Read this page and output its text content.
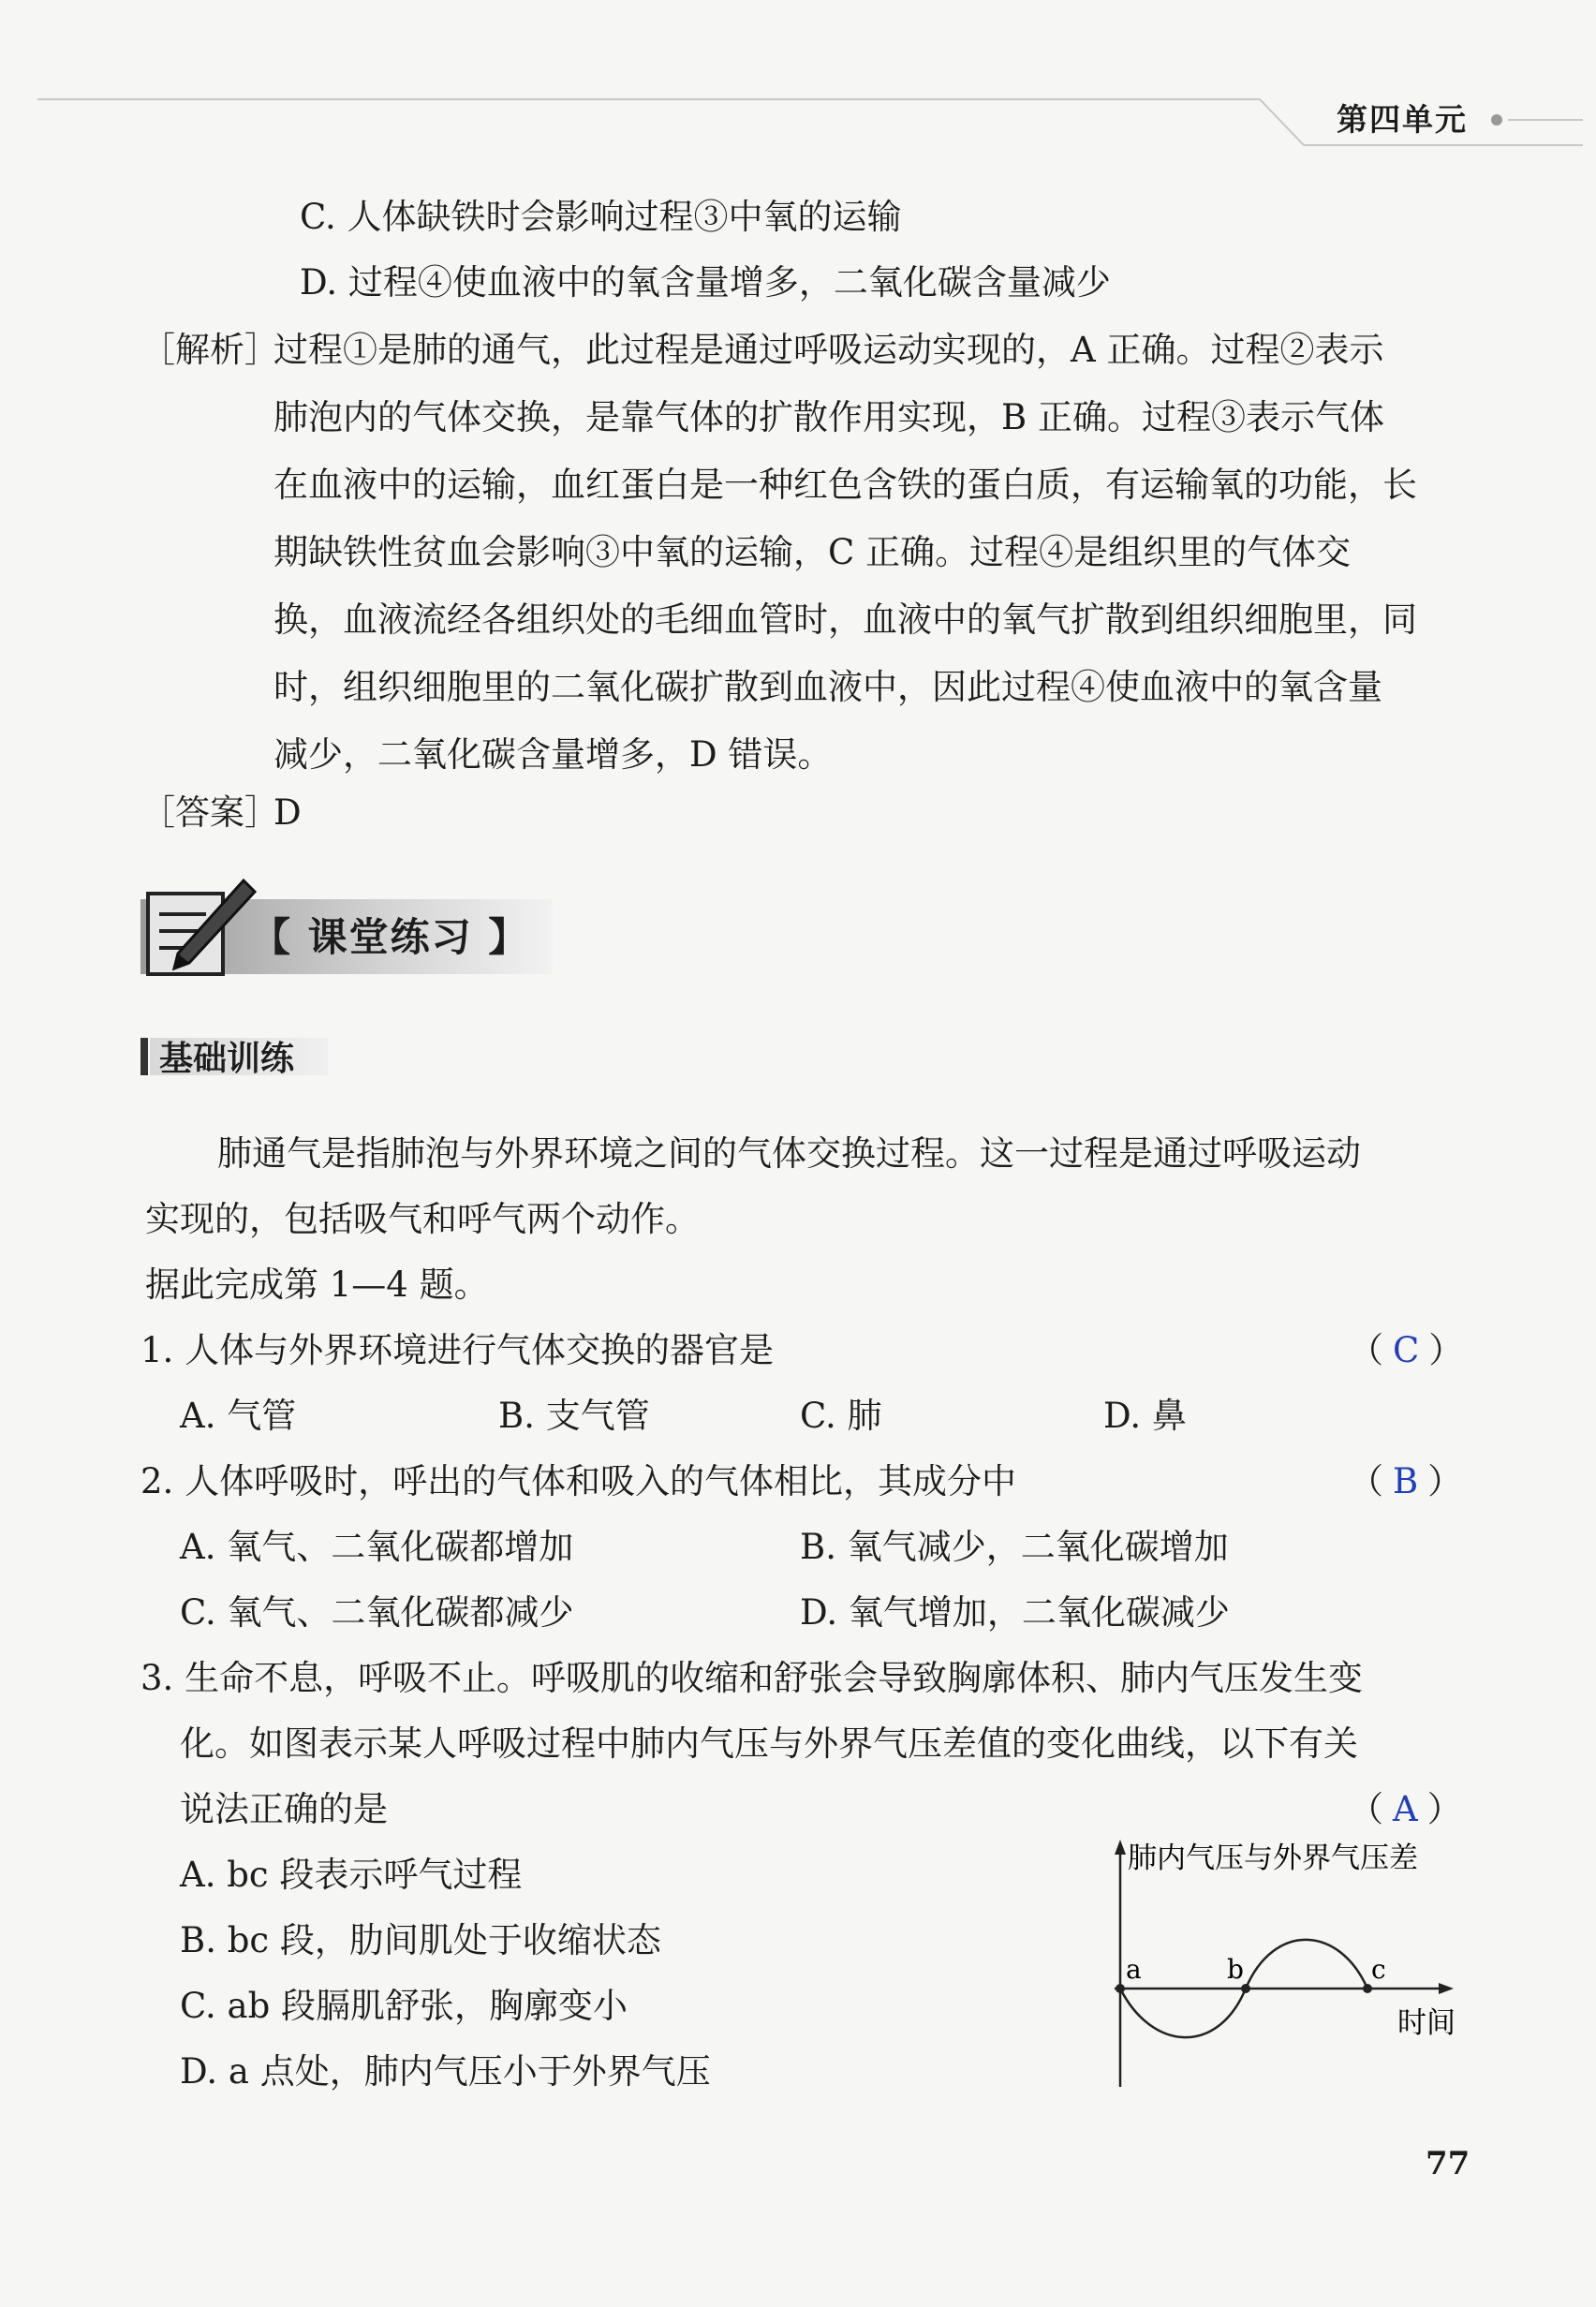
第四单元
C. 人体缺铁时会影响过程③中氧的运输
D. 过程④使血液中的氧含量增多，二氧化碳含量减少
［解析］
过程①是肺的通气，此过程是通过呼吸运动实现的，A 正确。过程②表示
肺泡内的气体交换，是靠气体的扩散作用实现，B 正确。过程③表示气体
在血液中的运输，血红蛋白是一种红色含铁的蛋白质，有运输氧的功能，长
期缺铁性贫血会影响③中氧的运输，C 正确。过程④是组织里的气体交
换，血液流经各组织处的毛细血管时，血液中的氧气扩散到组织细胞里，同
时，组织细胞里的二氧化碳扩散到血液中，因此过程④使血液中的氧含量
减少，二氧化碳含量增多，D 错误。
［答案］
D
【 课堂练习 】
基础训练
肺通气是指肺泡与外界环境之间的气体交换过程。这一过程是通过呼吸运动
实现的，包括吸气和呼气两个动作。
据此完成第 1—4 题。
1. 人体与外界环境进行气体交换的器官是	（ C ）
A. 气管	B. 支气管	C. 肺	D. 鼻
2. 人体呼吸时，呼出的气体和吸入的气体相比，其成分中	（ B ）
A. 氧气、二氧化碳都增加	B. 氧气减少，二氧化碳增加
C. 氧气、二氧化碳都减少	D. 氧气增加，二氧化碳减少
3. 生命不息，呼吸不止。呼吸肌的收缩和舒张会导致胸廓体积、肺内气压发生变
化。如图表示某人呼吸过程中肺内气压与外界气压差值的变化曲线，以下有关
说法正确的是	（ A ）
A. bc 段表示呼气过程
B. bc 段，肋间肌处于收缩状态
C. ab 段膈肌舒张，胸廓变小
D. a 点处，肺内气压小于外界气压
a	b	c
肺内气压与外界气压差
时间
77
